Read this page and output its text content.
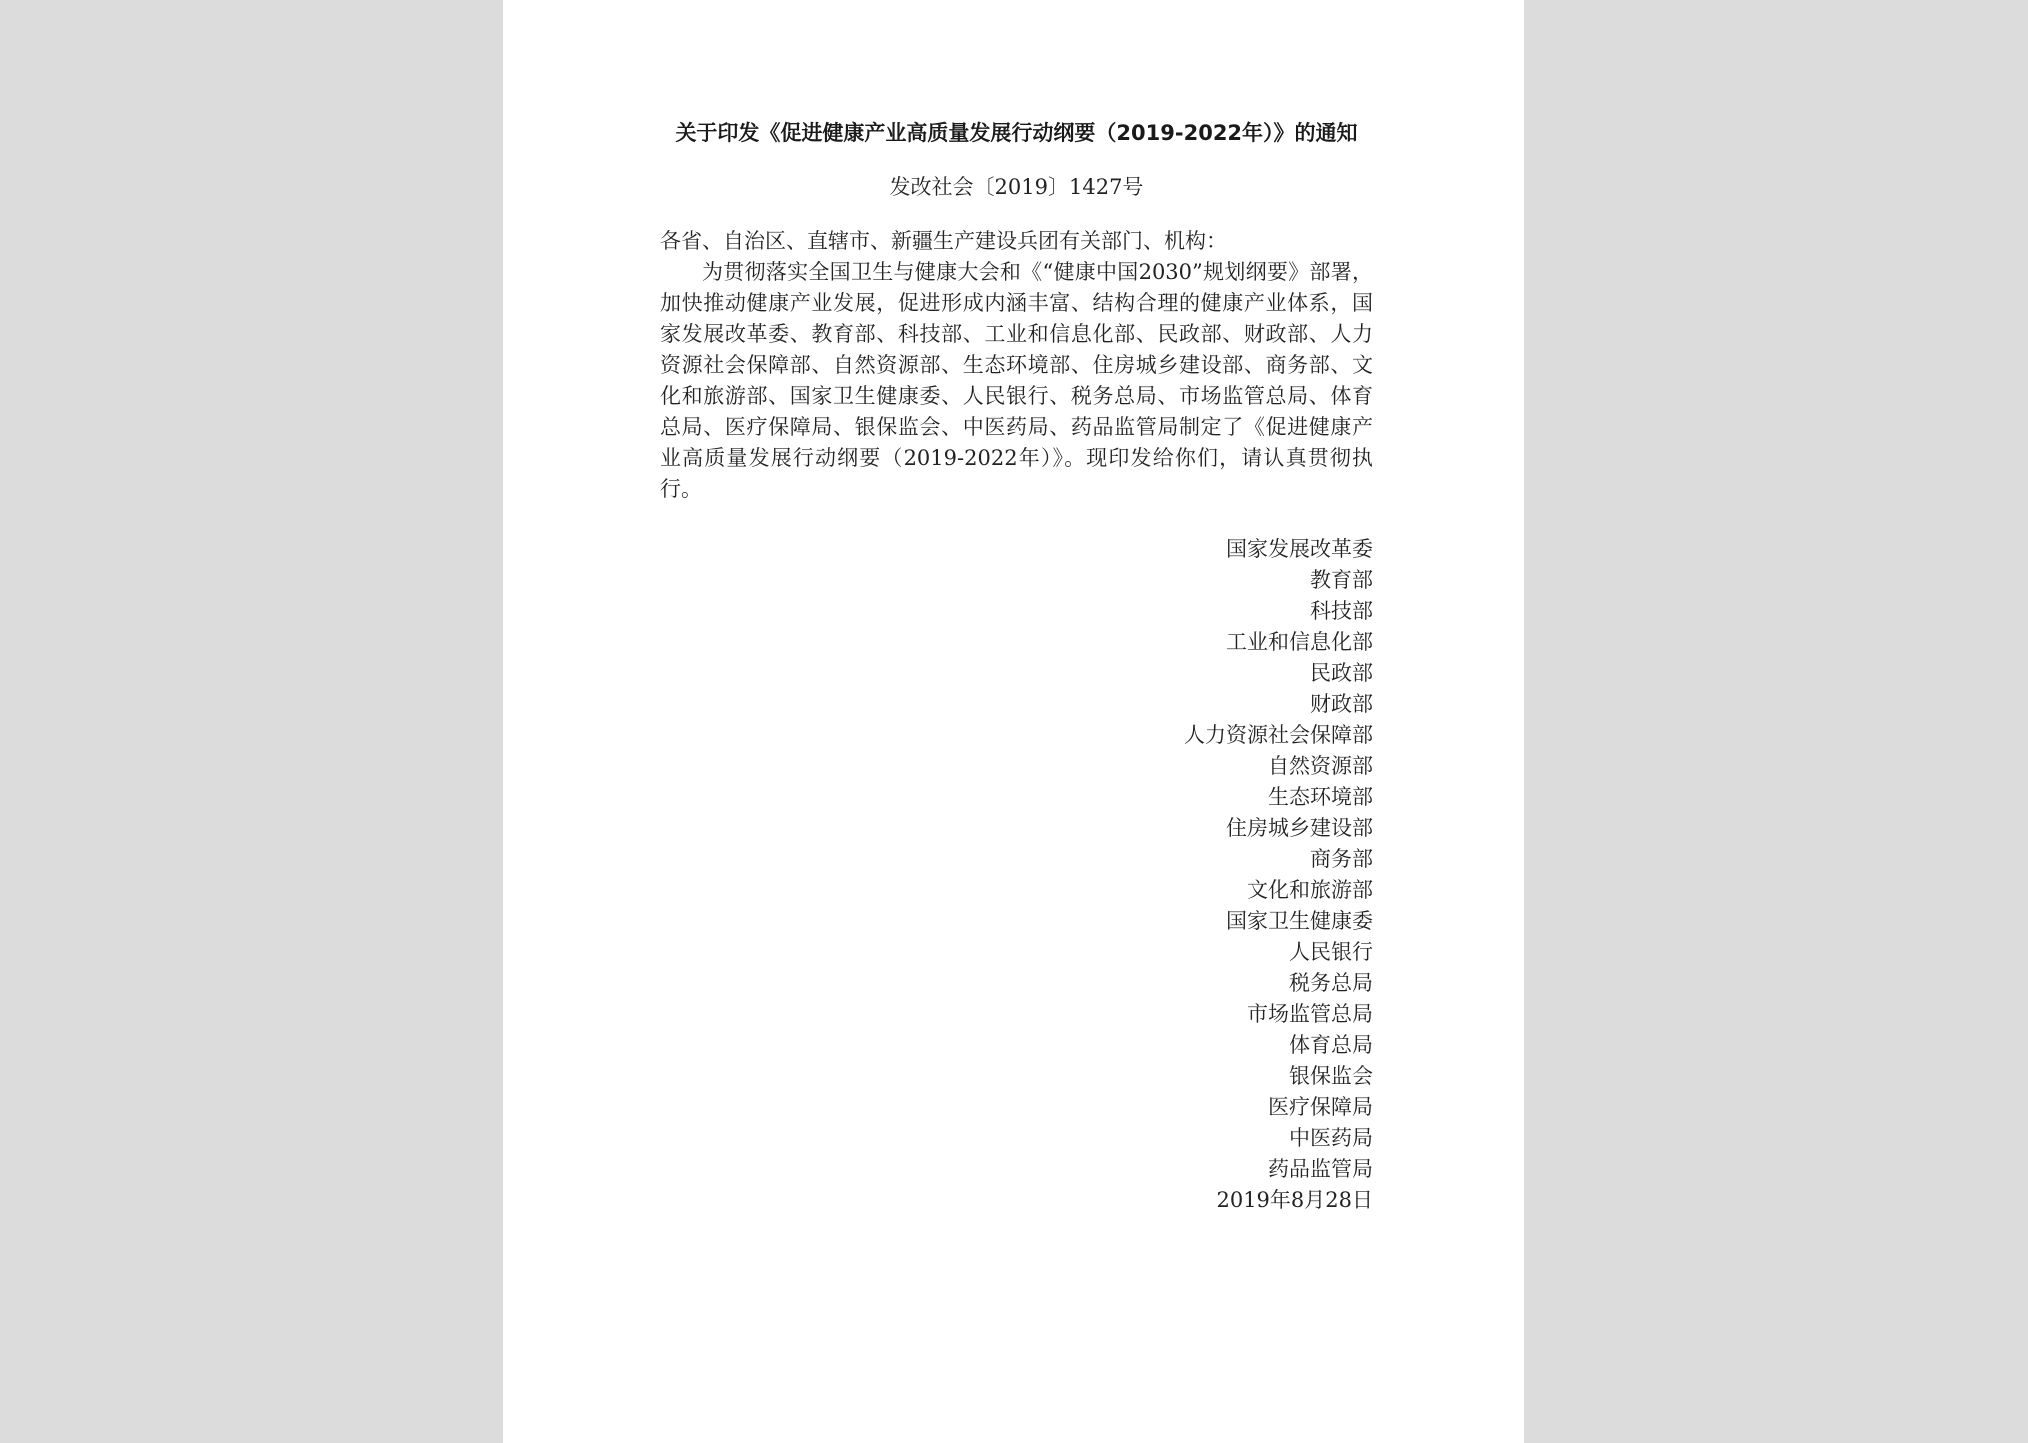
关于印发《促进健康产业高质量发展行动纲要（2019-2022年）》的通知
发改社会〔2019〕1427号
各省、自治区、直辖市、新疆生产建设兵团有关部门、机构：

为贯彻落实全国卫生与健康大会和《“健康中国2030”规划纲要》部署，加快推动健康产业发展，促进形成内涵丰富、结构合理的健康产业体系，国家发展改革委、教育部、科技部、工业和信息化部、民政部、财政部、人力资源社会保障部、自然资源部、生态环境部、住房城乡建设部、商务部、文化和旅游部、国家卫生健康委、人民银行、税务总局、市场监管总局、体育总局、医疗保障局、银保监会、中医药局、药品监管局制定了《促进健康产业高质量发展行动纲要（2019-2022年）》。现印发给你们，请认真贯彻执行。

国家发展改革委
教育部
科技部
工业和信息化部
民政部
财政部
人力资源社会保障部
自然资源部
生态环境部
住房城乡建设部
商务部
文化和旅游部
国家卫生健康委
人民银行
税务总局
市场监管总局
体育总局
银保监会
医疗保障局
中医药局
药品监管局
2019年8月28日
